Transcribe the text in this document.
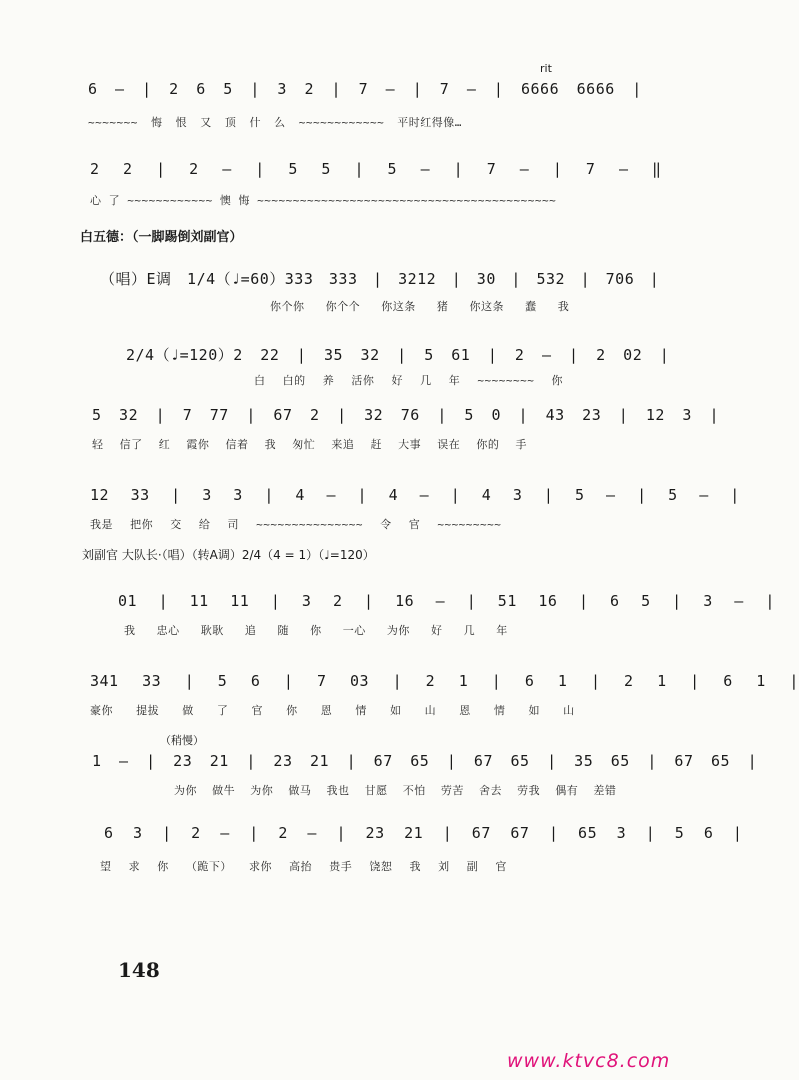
rit
6 — | 2 6 5 | 3 2 | 7 — | 7 — | 6666 6666 |
~~~~~~~ 悔 恨 又 顶 什 么 ~~~~~~~~~~~~ 平时红得像…
2 2 | 2 — | 5 5 | 5 — | 7 — | 7 — ‖
心 了 ~~~~~~~~~~~~ 懊 悔 ~~~~~~~~~~~~~~~~~~~~~~~~~~~~~~~~~~~~~~~~~~
白五德：（一脚踢倒刘副官）
（唱）E调 1/4（♩=60）333 333 | 3212 | 30 | 532 | 706 |
你个你 你个个 你这条 猪 你这条 蠢 我
2/4（♩=120）2 22 | 35 32 | 5 61 | 2 — | 2 02 |
白 白的 养 活你 好 几 年 ~~~~~~~~ 你
5 32 | 7 77 | 67 2 | 32 76 | 5 0 | 43 23 | 12 3 |
轻 信了 红 霞你 信着 我 匆忙 来追 赶 大事 误在 你的 手
12 33 | 3 3 | 4 — | 4 — | 4 3 | 5 — | 5 — |
我是 把你 交 给 司 ~~~~~~~~~~~~~~~ 令 官 ~~~~~~~~~
刘副官 大队长·（唱）（转A调）2/4（4 = 1）（♩=120）
01 | 11 11 | 3 2 | 16 — | 51 16 | 6 5 | 3 — |
我 忠心 耿耿 追 随 你 一心 为你 好 几 年
341 33 | 5 6 | 7 03 | 2 1 | 6 1 | 2 1 | 6 1 |
豪你 提拔 做 了 官 你 恩 情 如 山 恩 情 如 山
（稍慢）
1 — | 23 21 | 23 21 | 67 65 | 67 65 | 35 65 | 67 65 |
为你 做牛 为你 做马 我也 甘愿 不怕 劳苦 舍去 劳我 偶有 差错
6 3 | 2 — | 2 — | 23 21 | 67 67 | 65 3 | 5 6 |
望 求 你 （跪下） 求你 高抬 贵手 饶恕 我 刘 副 官
148
www.ktvc8.com
